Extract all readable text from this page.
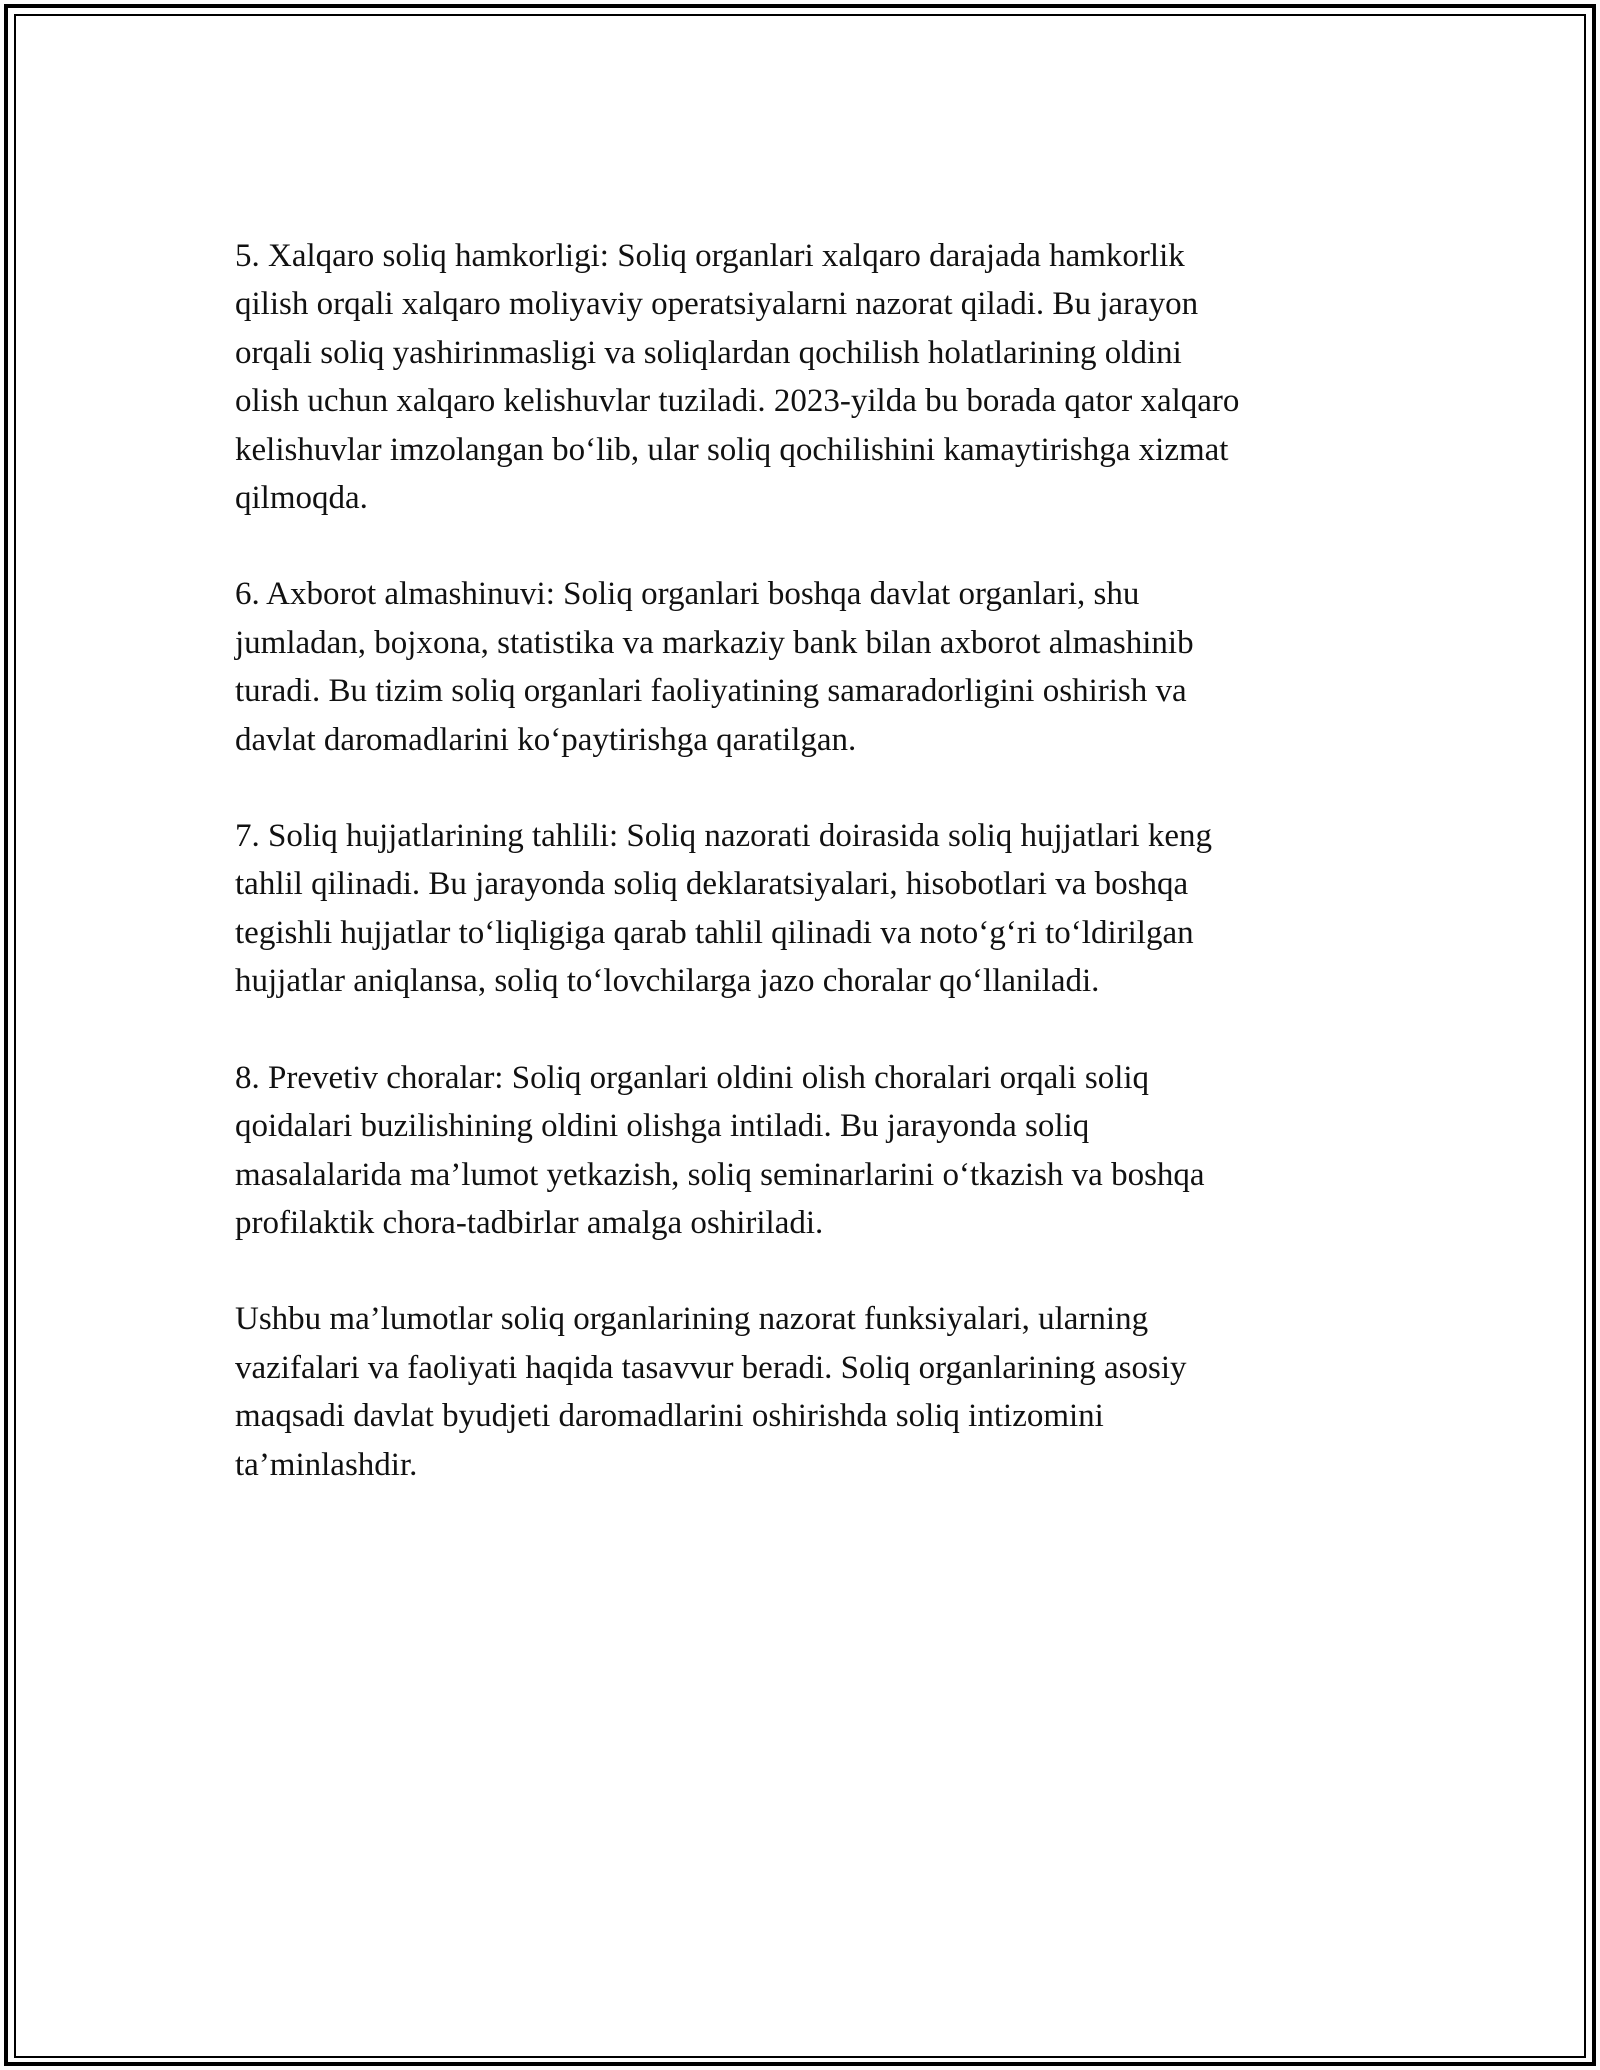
5. Xalqaro soliq hamkorligi: Soliq organlari xalqaro darajada hamkorlik
qilish orqali xalqaro moliyaviy operatsiyalarni nazorat qiladi. Bu jarayon
orqali soliq yashirinmasligi va soliqlardan qochilish holatlarining oldini
olish uchun xalqaro kelishuvlar tuziladi. 2023-yilda bu borada qator xalqaro
kelishuvlar imzolangan bo‘lib, ular soliq qochilishini kamaytirishga xizmat
qilmoqda.

6. Axborot almashinuvi: Soliq organlari boshqa davlat organlari, shu
jumladan, bojxona, statistika va markaziy bank bilan axborot almashinib
turadi. Bu tizim soliq organlari faoliyatining samaradorligini oshirish va
davlat daromadlarini ko‘paytirishga qaratilgan.

7. Soliq hujjatlarining tahlili: Soliq nazorati doirasida soliq hujjatlari keng
tahlil qilinadi. Bu jarayonda soliq deklaratsiyalari, hisobotlari va boshqa
tegishli hujjatlar to‘liqligiga qarab tahlil qilinadi va noto‘g‘ri to‘ldirilgan
hujjatlar aniqlansa, soliq to‘lovchilarga jazo choralar qo‘llaniladi.

8. Prevetiv choralar: Soliq organlari oldini olish choralari orqali soliq
qoidalari buzilishining oldini olishga intiladi. Bu jarayonda soliq
masalalarida ma’lumot yetkazish, soliq seminarlarini o‘tkazish va boshqa
profilaktik chora-tadbirlar amalga oshiriladi.

Ushbu ma’lumotlar soliq organlarining nazorat funksiyalari, ularning
vazifalari va faoliyati haqida tasavvur beradi. Soliq organlarining asosiy
maqsadi davlat byudjeti daromadlarini oshirishda soliq intizomini
ta’minlashdir.
